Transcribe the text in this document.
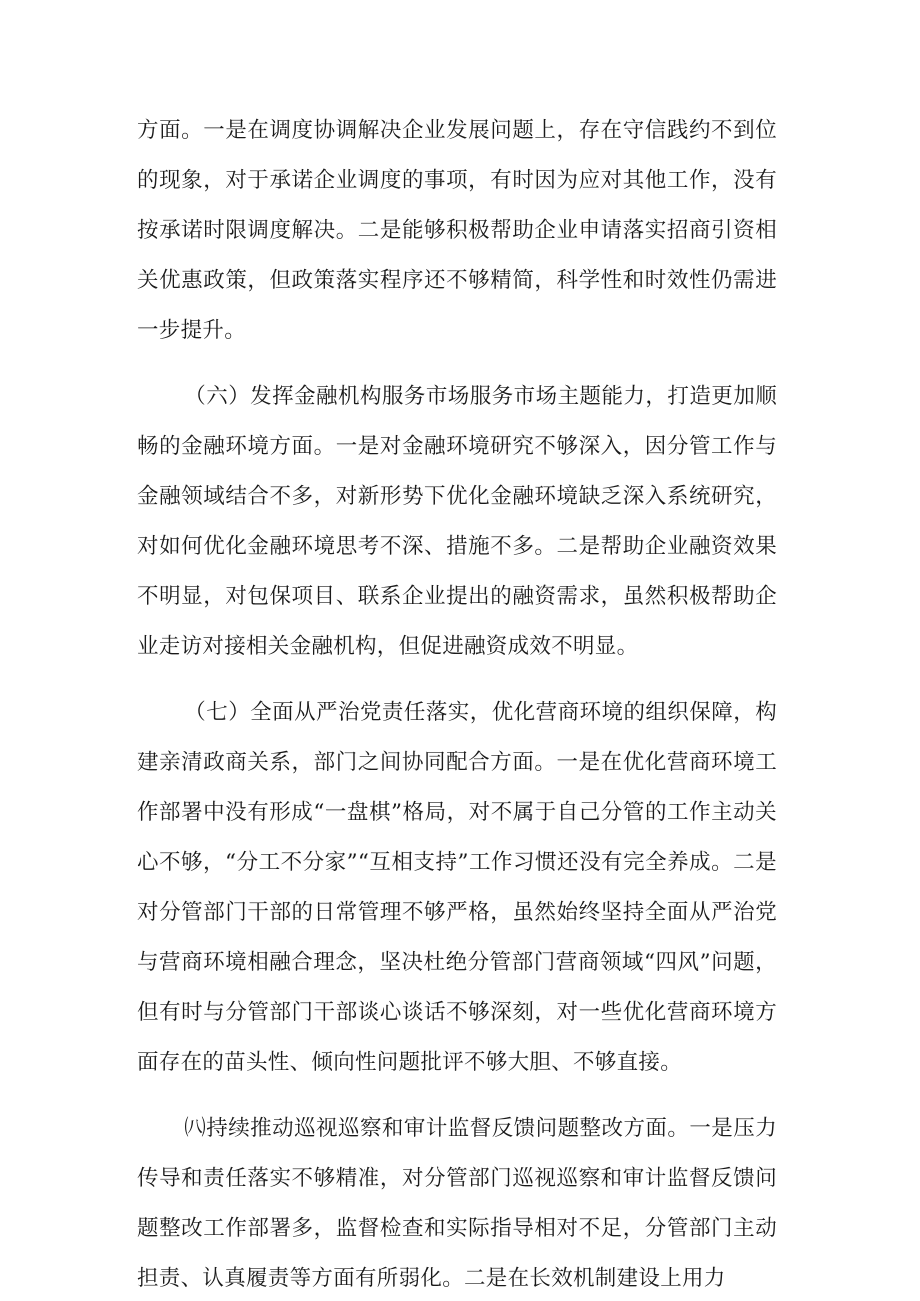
方面。一是在调度协调解决企业发展问题上，存在守信践约不到位的现象，对于承诺企业调度的事项，有时因为应对其他工作，没有按承诺时限调度解决。二是能够积极帮助企业申请落实招商引资相关优惠政策，但政策落实程序还不够精简，科学性和时效性仍需进一步提升。

（六）发挥金融机构服务市场服务市场主题能力，打造更加顺畅的金融环境方面。一是对金融环境研究不够深入，因分管工作与金融领域结合不多，对新形势下优化金融环境缺乏深入系统研究，对如何优化金融环境思考不深、措施不多。二是帮助企业融资效果不明显，对包保项目、联系企业提出的融资需求，虽然积极帮助企业走访对接相关金融机构，但促进融资成效不明显。

（七）全面从严治党责任落实，优化营商环境的组织保障，构建亲清政商关系，部门之间协同配合方面。一是在优化营商环境工作部署中没有形成“一盘棋”格局，对不属于自己分管的工作主动关心不够，“分工不分家”“互相支持”工作习惯还没有完全养成。二是对分管部门干部的日常管理不够严格，虽然始终坚持全面从严治党与营商环境相融合理念，坚决杜绝分管部门营商领域“四风”问题，但有时与分管部门干部谈心谈话不够深刻，对一些优化营商环境方面存在的苗头性、倾向性问题批评不够大胆、不够直接。

㈧持续推动巡视巡察和审计监督反馈问题整改方面。一是压力传导和责任落实不够精准，对分管部门巡视巡察和审计监督反馈问题整改工作部署多，监督检查和实际指导相对不足，分管部门主动担责、认真履责等方面有所弱化。二是在长效机制建设上用力
